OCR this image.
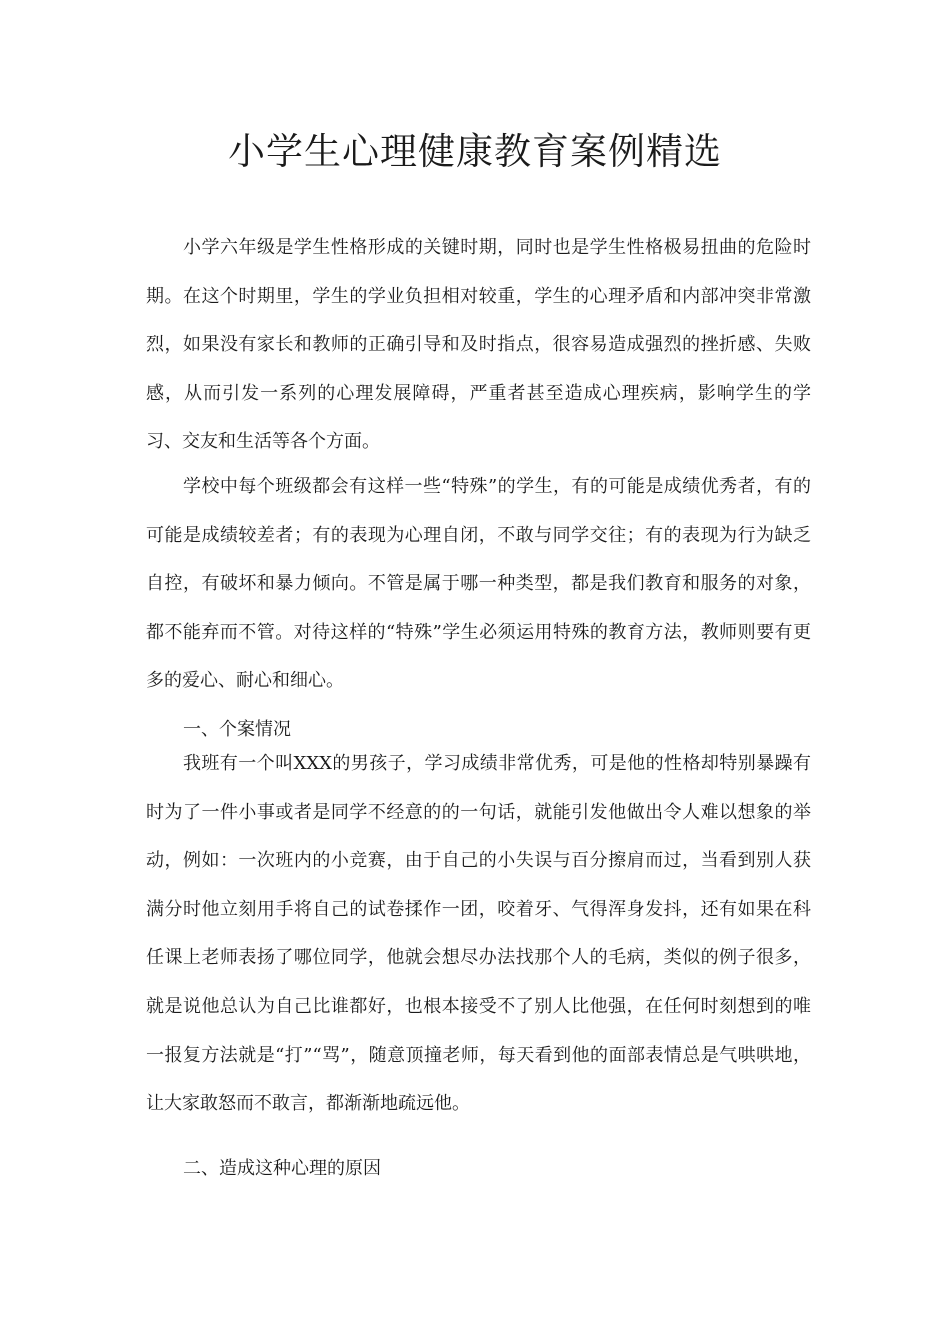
小学生心理健康教育案例精选

小学六年级是学生性格形成的关键时期，同时也是学生性格极易扭曲的危险时期。在这个时期里，学生的学业负担相对较重，学生的心理矛盾和内部冲突非常激烈，如果没有家长和教师的正确引导和及时指点，很容易造成强烈的挫折感、失败感，从而引发一系列的心理发展障碍，严重者甚至造成心理疾病，影响学生的学习、交友和生活等各个方面。

学校中每个班级都会有这样一些“特殊”的学生，有的可能是成绩优秀者，有的可能是成绩较差者；有的表现为心理自闭，不敢与同学交往；有的表现为行为缺乏自控，有破坏和暴力倾向。不管是属于哪一种类型，都是我们教育和服务的对象，都不能弃而不管。对待这样的“特殊”学生必须运用特殊的教育方法，教师则要有更多的爱心、耐心和细心。

一、个案情况

我班有一个叫XXX的男孩子，学习成绩非常优秀，可是他的性格却特别暴躁有时为了一件小事或者是同学不经意的的一句话，就能引发他做出令人难以想象的举动，例如：一次班内的小竞赛，由于自己的小失误与百分擦肩而过，当看到别人获满分时他立刻用手将自己的试卷揉作一团，咬着牙、气得浑身发抖，还有如果在科任课上老师表扬了哪位同学，他就会想尽办法找那个人的毛病，类似的例子很多，就是说他总认为自己比谁都好，也根本接受不了别人比他强，在任何时刻想到的唯一报复方法就是“打”“骂”，随意顶撞老师，每天看到他的面部表情总是气哄哄地，让大家敢怒而不敢言，都渐渐地疏远他。

二、造成这种心理的原因
